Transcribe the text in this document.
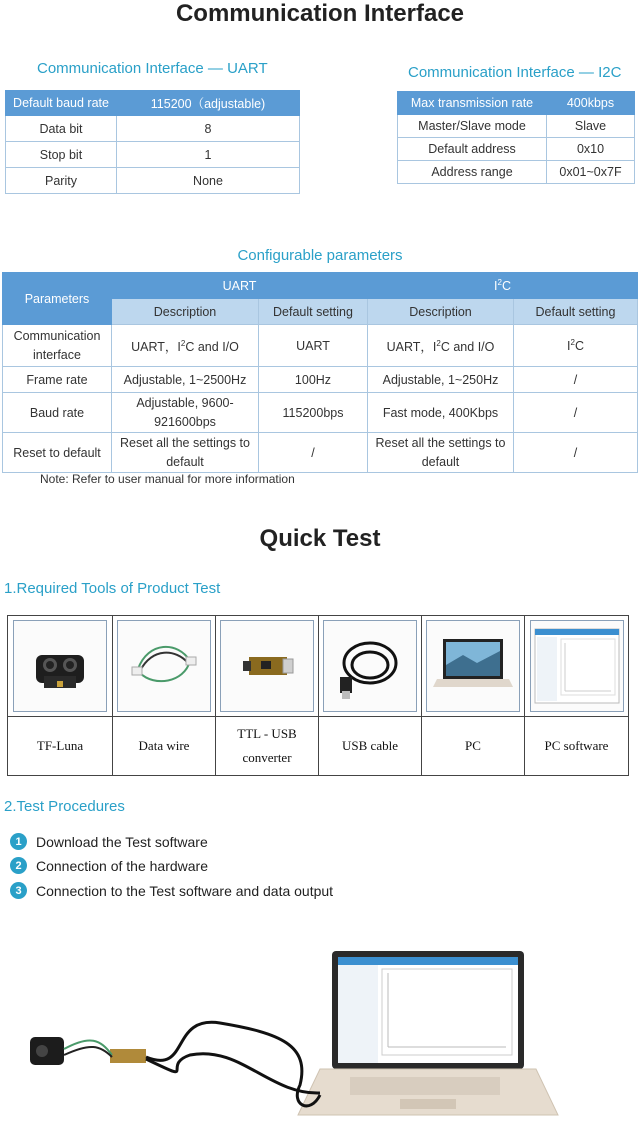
Communication Interface
Communication Interface — UART
Default baud rate	115200（adjustable)
Data bit	8
Stop bit	1
Parity	None
Communication Interface — I2C
Max transmission rate	400kbps
Master/Slave mode	Slave
Default address	0x10
Address range	0x01~0x7F
Configurable parameters
Parameters	UART		$I^2C$	
	Description	Default setting	Description	Default setting
Communication interface	UART，$I^2C$ and I/O	UART	UART，$I^2C$ and I/O	$I^2C$
Frame rate	Adjustable, 1~2500Hz	100Hz	Adjustable, 1~250Hz	/
Baud rate	Adjustable, 9600-921600bps	115200bps	Fast mode, 400Kbps	/
Reset to default	Reset all the settings to default	/	Reset all the settings to default	/
Note: Refer to user manual for more information
Quick Test
1.Required Tools of Product Test

TF-Luna	Data wire	TTL - USB converter	USB cable	PC	PC software
2.Test Procedures
1	Download the Test software
2	Connection of the hardware
3	Connection to the Test software and data output
